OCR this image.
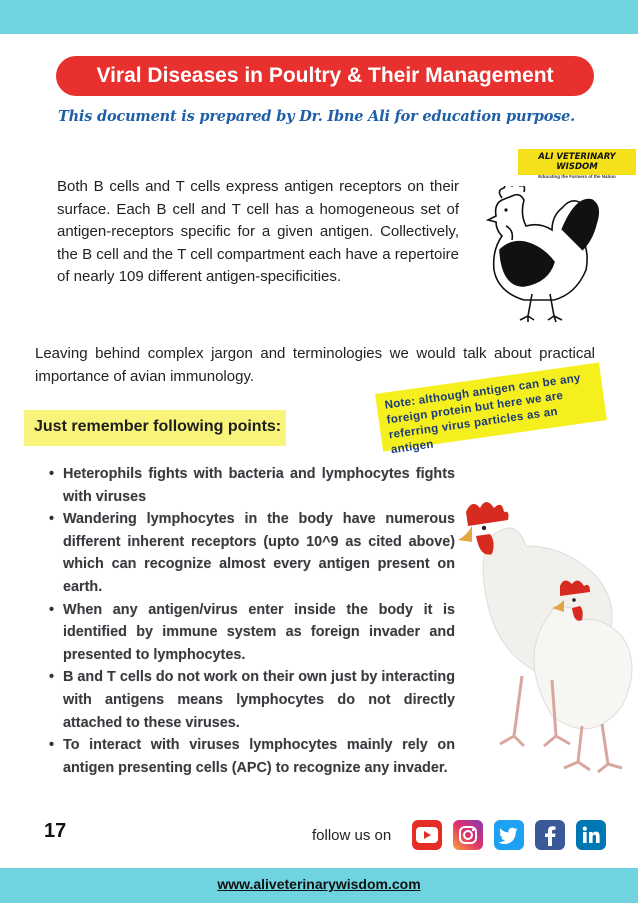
Viral Diseases in Poultry & Their Management
This document is prepared by Dr. Ibne Ali for education purpose.
ALI VETERINARY WISDOM
Educating the Farmers of the Nation
Both B cells and T cells express antigen receptors on their surface. Each B cell and T cell has a homogeneous set of antigen-receptors specific for a given antigen. Collectively, the B cell and the T cell compartment each have a repertoire of nearly 109 different antigen-specificities.
Leaving behind complex jargon and terminologies we would talk about practical importance of avian immunology.	Note: although antigen can be any foreign protein but here we are referring virus particles as an antigen
Just remember following points:
• Heterophils fights with bacteria and lymphocytes fights with viruses
• Wandering lymphocytes in the body have numerous different inherent receptors (upto 10^9 as cited above) which can recognize almost every antigen present on earth.
• When any antigen/virus enter inside the body it is identified by immune system as foreign invader and presented to lymphocytes.
• B and T cells do not work on their own just by interacting with antigens means lymphocytes do not directly attached to these viruses.
• To interact with viruses lymphocytes mainly rely on antigen presenting cells (APC) to recognize any invader.
17	follow us on
www.aliveterinarywisdom.com
